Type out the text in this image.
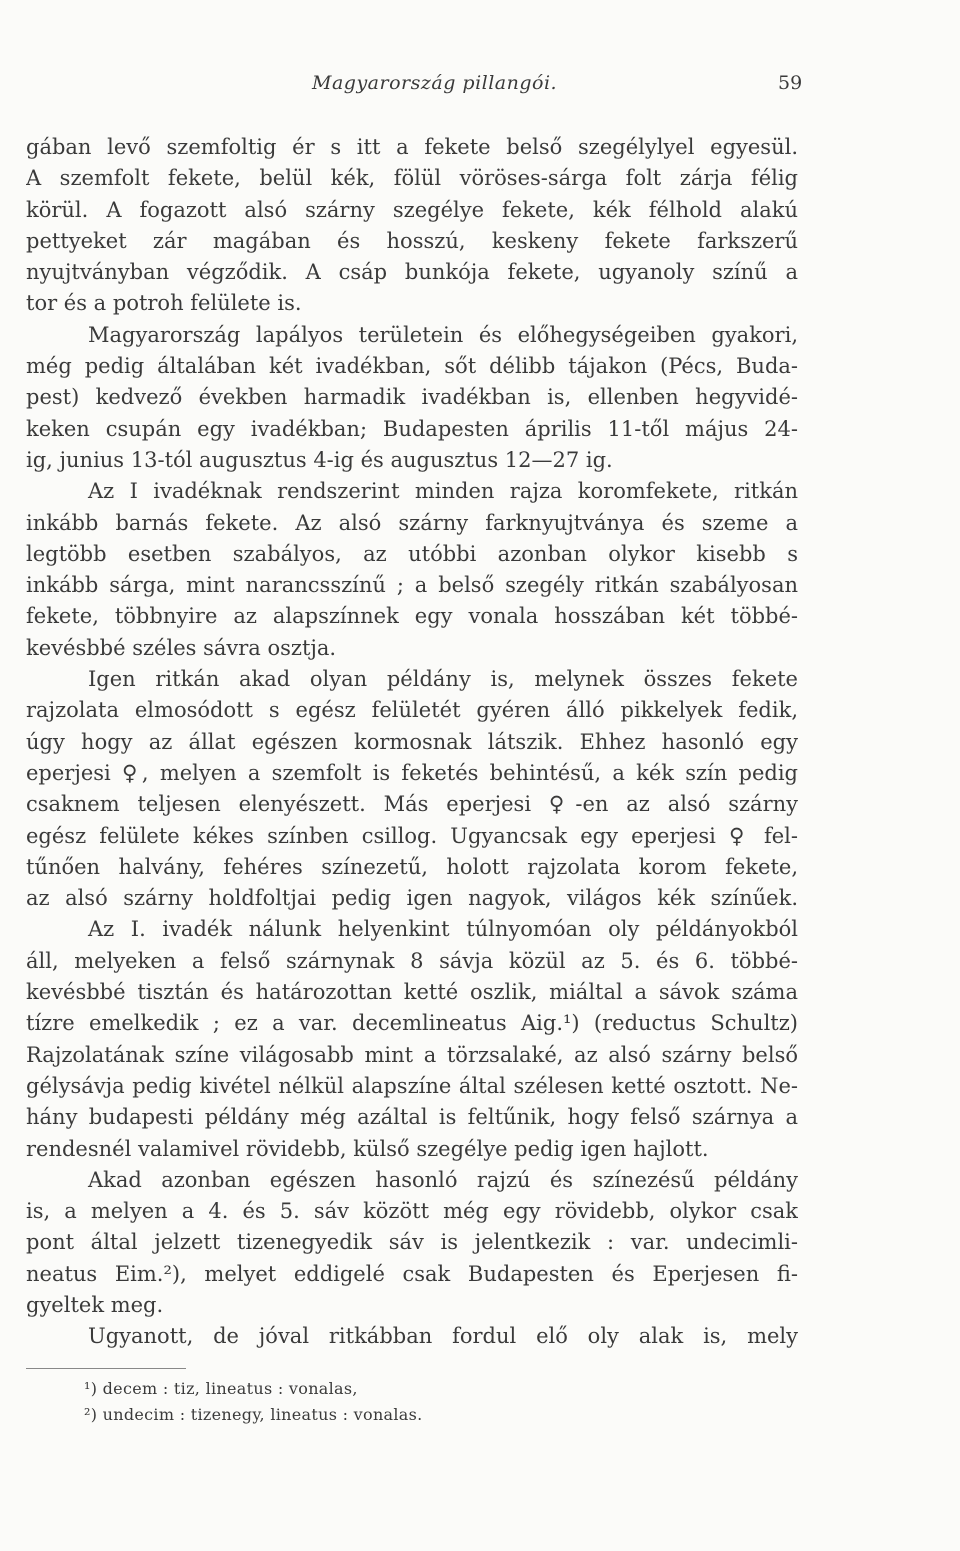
Magyarország pillangói.	59
gában levő szemfoltig ér s itt a fekete belső szegélylyel egyesül.
A szemfolt fekete, belül kék, fölül vöröses-sárga folt zárja félig
körül. A fogazott alsó szárny szegélye fekete, kék félhold alakú
pettyeket zár magában és hosszú, keskeny fekete farkszerű
nyujtványban végződik. A csáp bunkója fekete, ugyanoly színű a
tor és a potroh felülete is.
Magyarország lapályos területein és előhegységeiben gyakori,
még pedig általában két ivadékban, sőt délibb tájakon (Pécs, Buda-
pest) kedvező években harmadik ivadékban is, ellenben hegyvidé-
keken csupán egy ivadékban; Budapesten április 11-től május 24-
ig, junius 13-tól augusztus 4-ig és augusztus 12—27 ig.
Az I ivadéknak rendszerint minden rajza koromfekete, ritkán
inkább barnás fekete. Az alsó szárny farknyujtványa és szeme a
legtöbb esetben szabályos, az utóbbi azonban olykor kisebb s
inkább sárga, mint narancsszínű ; a belső szegély ritkán szabályosan
fekete, többnyire az alapszínnek egy vonala hosszában két többé-
kevésbbé széles sávra osztja.
Igen ritkán akad olyan példány is, melynek összes fekete
rajzolata elmosódott s egész felületét gyéren álló pikkelyek fedik,
úgy hogy az állat egészen kormosnak látszik. Ehhez hasonló egy
eperjesi ♀, melyen a szemfolt is feketés behintésű, a kék szín pedig
csaknem teljesen elenyészett. Más eperjesi ♀-en az alsó szárny
egész felülete kékes színben csillog. Ugyancsak egy eperjesi ♀ fel-
tűnően halvány, fehéres színezetű, holott rajzolata korom fekete,
az alsó szárny holdfoltjai pedig igen nagyok, világos kék színűek.
Az I. ivadék nálunk helyenkint túlnyomóan oly példányokból
áll, melyeken a felső szárnynak 8 sávja közül az 5. és 6. többé-
kevésbbé tisztán és határozottan ketté oszlik, miáltal a sávok száma
tízre emelkedik ; ez a var. decemlineatus Aig.¹) (reductus Schultz)
Rajzolatának színe világosabb mint a törzsalaké, az alsó szárny belső
gélysávja pedig kivétel nélkül alapszíne által szélesen ketté osztott. Ne-
hány budapesti példány még azáltal is feltűnik, hogy felső szárnya a
rendesnél valamivel rövidebb, külső szegélye pedig igen hajlott.
Akad azonban egészen hasonló rajzú és színezésű példány
is, a melyen a 4. és 5. sáv között még egy rövidebb, olykor csak
pont által jelzett tizenegyedik sáv is jelentkezik : var. undecimli-
neatus Eim.²), melyet eddigelé csak Budapesten és Eperjesen fi-
gyeltek meg.
Ugyanott, de jóval ritkábban fordul elő oly alak is, mely
¹) decem : tiz, lineatus : vonalas,
²) undecim : tizenegy, lineatus : vonalas.
